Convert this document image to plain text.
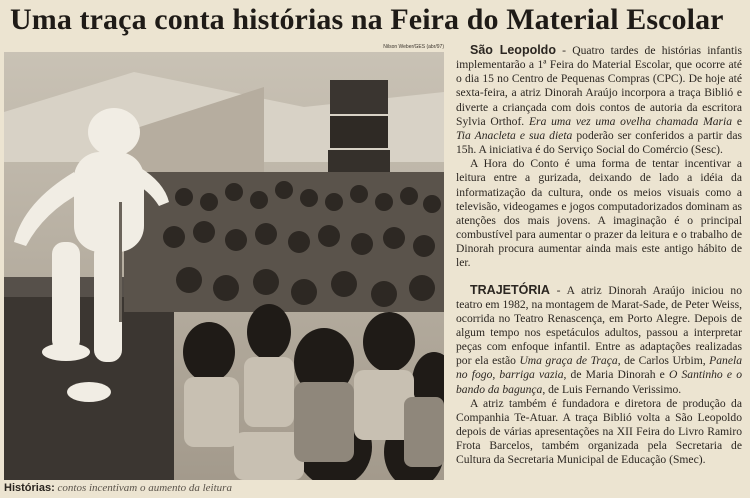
Uma traça conta histórias na Feira do Material Escolar
Nilson Weber/GES (abr/97)
Histórias: contos incentivam o aumento da leitura

São Leopoldo - Quatro tardes de histórias infantis implementarão a 1ª Feira do Material Escolar, que ocorre até o dia 15 no Centro de Pequenas Compras (CPC). De hoje até sexta-feira, a atriz Dinorah Araújo incorpora a traça Biblió e diverte a criançada com dois contos de autoria da escritora Sylvia Orthof. Era uma vez uma ovelha chamada Maria e Tia Anacleta e sua dieta poderão ser conferidos a partir das 15h. A iniciativa é do Serviço Social do Comércio (Sesc).

A Hora do Conto é uma forma de tentar incentivar a leitura entre a gurizada, deixando de lado a idéia da informatização da cultura, onde os meios visuais como a televisão, videogames e jogos computadorizados dominam as atenções dos mais jovens. A imaginação é o principal combustível para aumentar o prazer da leitura e o trabalho de Dinorah procura aumentar ainda mais este antigo hábito de ler.

TRAJETÓRIA - A atriz Dinorah Araújo iniciou no teatro em 1982, na montagem de Marat-Sade, de Peter Weiss, ocorrida no Teatro Renascença, em Porto Alegre. Depois de algum tempo nos espetáculos adultos, passou a interpretar peças com enfoque infantil. Entre as adaptações realizadas por ela estão Uma graça de Traça, de Carlos Urbim, Panela no fogo, barriga vazia, de Maria Dinorah e O Santinho e o bando da bagunça, de Luis Fernando Verissimo.

A atriz também é fundadora e diretora de produção da Companhia Te-Atuar. A traça Biblió volta a São Leopoldo depois de várias apresentações na XII Feira do Livro Ramiro Frota Barcelos, também organizada pela Secretaria de Cultura da Secretaria Municipal de Educação (Smec).
